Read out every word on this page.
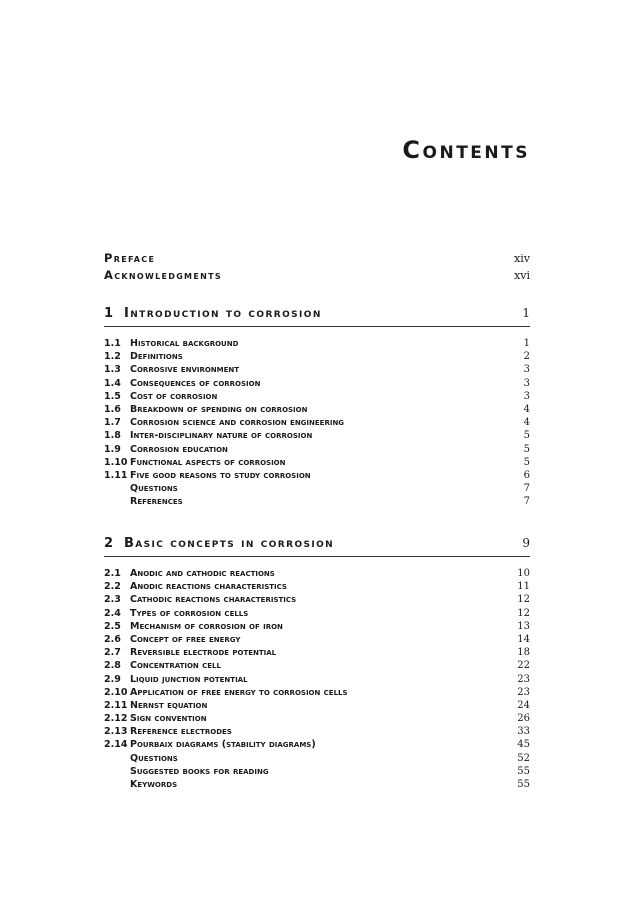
Contents
Preface	xiv
Acknowledgments	xvi
1 Introduction to corrosion	1
1.1 Historical background	1
1.2 Definitions	2
1.3 Corrosive environment	3
1.4 Consequences of corrosion	3
1.5 Cost of corrosion	3
1.6 Breakdown of spending on corrosion	4
1.7 Corrosion science and corrosion engineering	4
1.8 Inter-disciplinary nature of corrosion	5
1.9 Corrosion education	5
1.10 Functional aspects of corrosion	5
1.11 Five good reasons to study corrosion	6
Questions	7
References	7
2 Basic concepts in corrosion	9
2.1 Anodic and cathodic reactions	10
2.2 Anodic reactions characteristics	11
2.3 Cathodic reactions characteristics	12
2.4 Types of corrosion cells	12
2.5 Mechanism of corrosion of iron	13
2.6 Concept of free energy	14
2.7 Reversible electrode potential	18
2.8 Concentration cell	22
2.9 Liquid junction potential	23
2.10 Application of free energy to corrosion cells	23
2.11 Nernst equation	24
2.12 Sign convention	26
2.13 Reference electrodes	33
2.14 Pourbaix diagrams (stability diagrams)	45
Questions	52
Suggested books for reading	55
Keywords	55
